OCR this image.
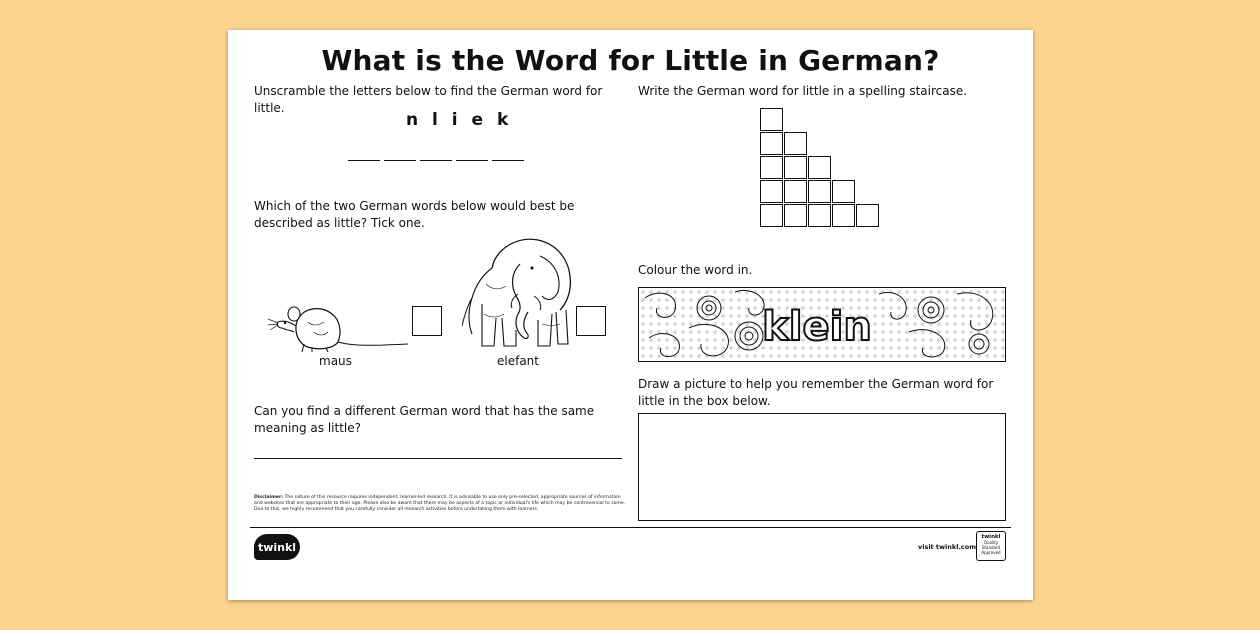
What is the Word for Little in German?
Unscramble the letters below to find the German word for little.
n l i e k
Which of the two German words below would best be described as little? Tick one.
maus	elefant
Can you find a different German word that has the same meaning as little?
Write the German word for little in a spelling staircase.
Colour the word in.
klein
Draw a picture to help you remember the German word for little in the box below.
Disclaimer: The nature of this resource requires independent, learner-led research. It is advisable to use only pre-selected, appropriate sources of information and websites that are appropriate to their age. Please also be aware that there may be aspects of a topic or individual's life which may be controversial to some. Due to this, we highly recommend that you carefully consider all research activities before undertaking them with learners.
twinkl	visit twinkl.com
twinkl
Quality Standard
Approved
